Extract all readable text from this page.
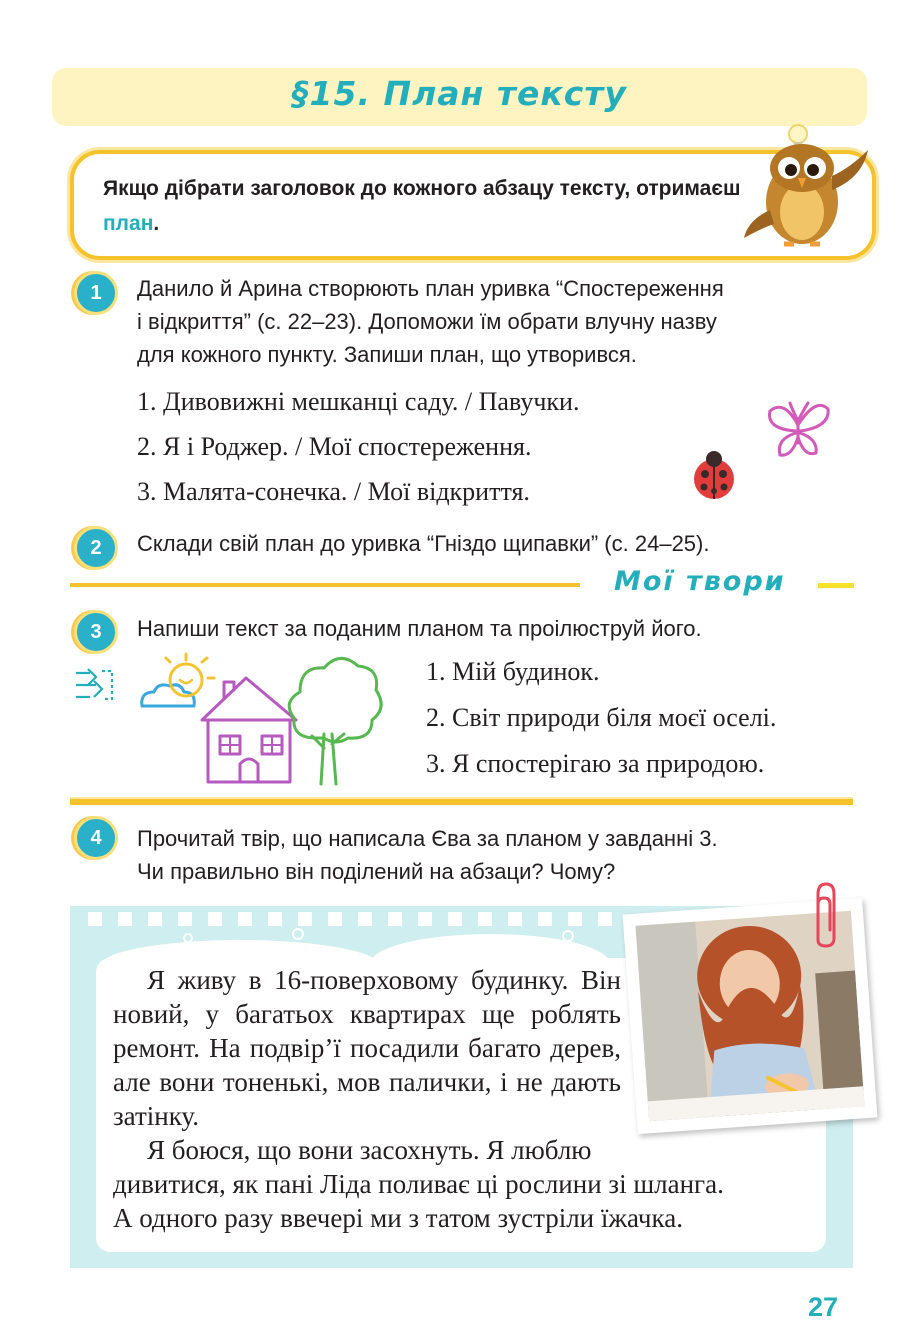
§15. План тексту
Якщо дібрати заголовок до кожного абзацу тексту, отримаєш план.
1	Данило й Арина створюють план уривка “Спостереження
і відкриття” (с. 22–23). Допоможи їм обрати влучну назву
для кожного пункту. Запиши план, що утворився.
1. Дивовижні мешканці саду. / Павучки.
2. Я і Роджер. / Мої спостереження.
3. Малята-сонечка. / Мої відкриття.
2	Склади свій план до уривка “Гніздо щипавки” (с. 24–25).
Мої твори
3	Напиши текст за поданим планом та проілюструй його.
1. Мій будинок.
2. Світ природи біля моєї оселі.
3. Я спостерігаю за природою.
4	Прочитай твір, що написала Єва за планом у завданні 3.
Чи правильно він поділений на абзаци? Чому?

Я живу в 16-поверховому будинку. Він новий, у багатьох квартирах ще роблять ремонт. На подвір’ї посадили багато дерев, але вони тоненькі, мов палички, і не дають затінку.

Я боюся, що вони засохнуть. Я люблю

дивитися, як пані Ліда поливає ці рослини зі шланга.

А одного разу ввечері ми з татом зустріли їжачка.

27
